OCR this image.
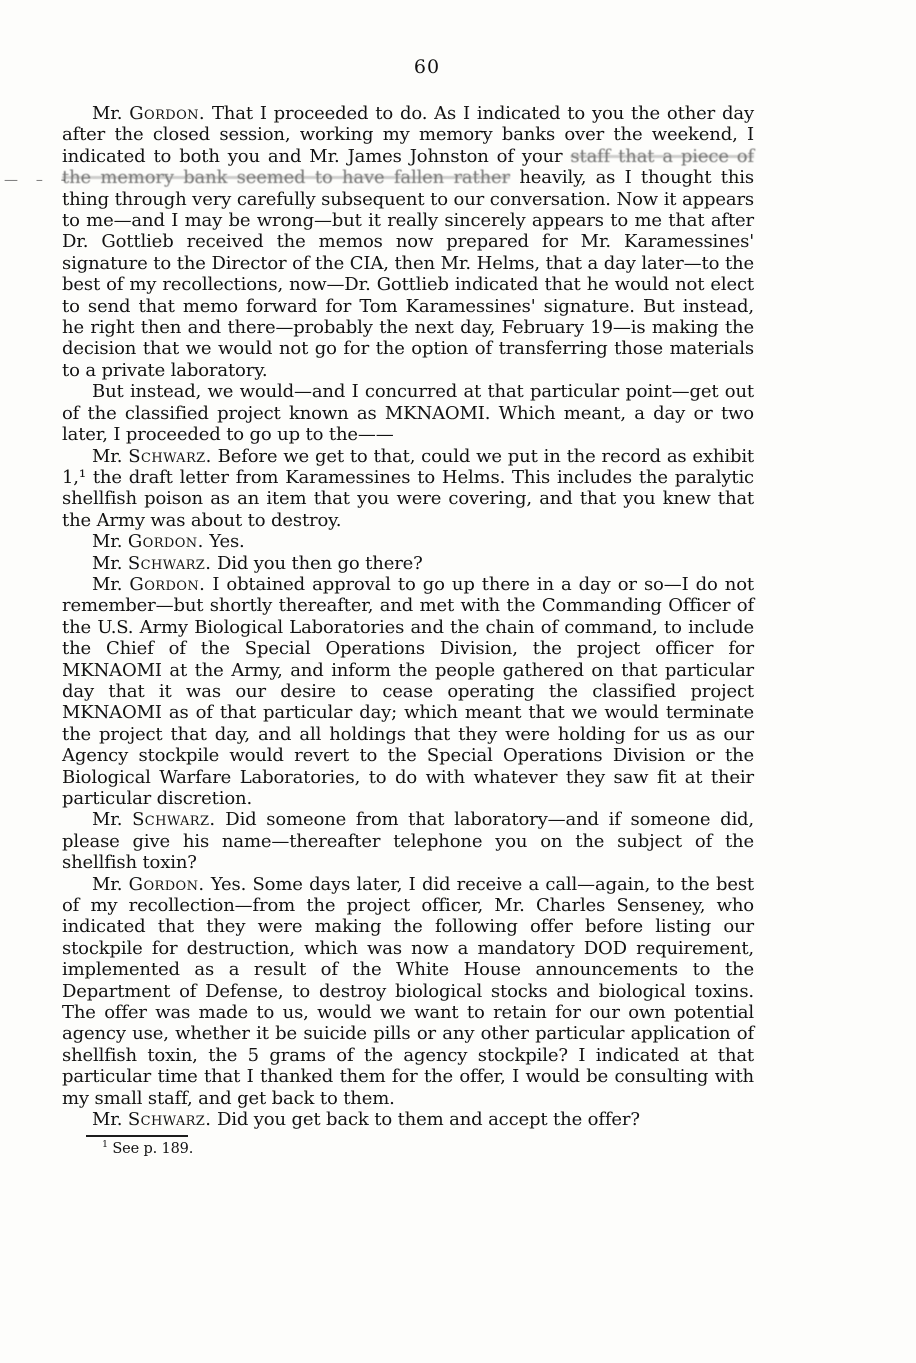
60
—  –  -

Mr. Gordon. That I proceeded to do. As I indicated to you the other day after the closed session, working my memory banks over the weekend, I indicated to both you and Mr. James Johnston of your staff that a piece of the memory bank seemed to have fallen rather heavily, as I thought this thing through very carefully subsequent to our conversation. Now it appears to me—and I may be wrong—but it really sincerely appears to me that after Dr. Gottlieb received the memos now prepared for Mr. Karamessines' signature to the Director of the CIA, then Mr. Helms, that a day later—to the best of my recollections, now—Dr. Gottlieb indicated that he would not elect to send that memo forward for Tom Karamessines' signature. But instead, he right then and there—probably the next day, February 19—is making the decision that we would not go for the option of transferring those materials to a private laboratory.

But instead, we would—and I concurred at that particular point—get out of the classified project known as MKNAOMI. Which meant, a day or two later, I proceeded to go up to the——

Mr. Schwarz. Before we get to that, could we put in the record as exhibit 1,¹ the draft letter from Karamessines to Helms. This includes the paralytic shellfish poison as an item that you were covering, and that you knew that the Army was about to destroy.

Mr. Gordon. Yes.

Mr. Schwarz. Did you then go there?

Mr. Gordon. I obtained approval to go up there in a day or so—I do not remember—but shortly thereafter, and met with the Commanding Officer of the U.S. Army Biological Laboratories and the chain of command, to include the Chief of the Special Operations Division, the project officer for MKNAOMI at the Army, and inform the people gathered on that particular day that it was our desire to cease operating the classified project MKNAOMI as of that particular day; which meant that we would terminate the project that day, and all holdings that they were holding for us as our Agency stockpile would revert to the Special Operations Division or the Biological Warfare Laboratories, to do with whatever they saw fit at their particular discretion.

Mr. Schwarz. Did someone from that laboratory—and if someone did, please give his name—thereafter telephone you on the subject of the shellfish toxin?

Mr. Gordon. Yes. Some days later, I did receive a call—again, to the best of my recollection—from the project officer, Mr. Charles Senseney, who indicated that they were making the following offer before listing our stockpile for destruction, which was now a mandatory DOD requirement, implemented as a result of the White House announcements to the Department of Defense, to destroy biological stocks and biological toxins. The offer was made to us, would we want to retain for our own potential agency use, whether it be suicide pills or any other particular application of shellfish toxin, the 5 grams of the agency stockpile? I indicated at that particular time that I thanked them for the offer, I would be consulting with my small staff, and get back to them.

Mr. Schwarz. Did you get back to them and accept the offer?

$^1$ See p. 189.
